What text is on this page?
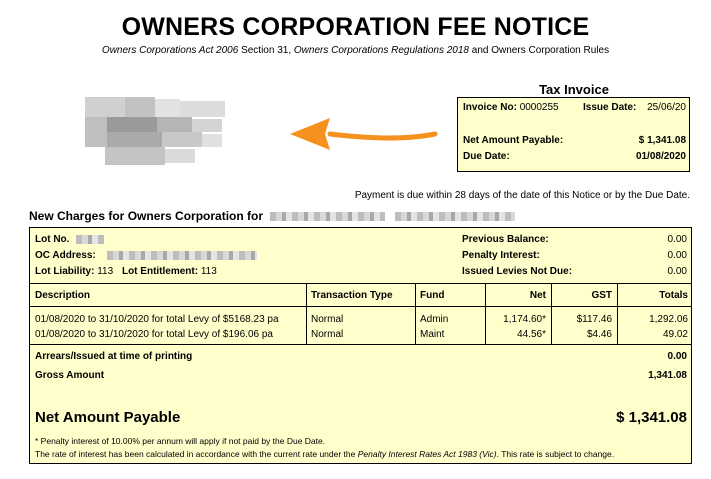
OWNERS CORPORATION FEE NOTICE
Owners Corporations Act 2006 Section 31, Owners Corporations Regulations 2018 and Owners Corporation Rules
Tax Invoice
Invoice No: 0000255 Issue Date: 25/06/20
Net Amount Payable:	$ 1,341.08
Due Date:	01/08/2020
Payment is due within 28 days of the date of this Notice or by the Due Date.
New Charges for Owners Corporation for
Lot No.
OC Address:
Lot Liability: 113 Lot Entitlement: 113
Previous Balance:	0.00
Penalty Interest:	0.00
Issued Levies Not Due:	0.00
Description	Transaction Type	Fund	Net	GST	Totals
01/08/2020 to 31/10/2020 for total Levy of $5168.23 pa	Normal	Admin	1,174.60*	$117.46	1,292.06
01/08/2020 to 31/10/2020 for total Levy of $196.06 pa	Normal	Maint	44.56*	$4.46	49.02
Arrears/Issued at time of printing	0.00
Gross Amount	1,341.08
Net Amount Payable	$ 1,341.08
* Penalty interest of 10.00% per annum will apply if not paid by the Due Date.
The rate of interest has been calculated in accordance with the current rate under the Penalty Interest Rates Act 1983 (Vic). This rate is subject to change.
